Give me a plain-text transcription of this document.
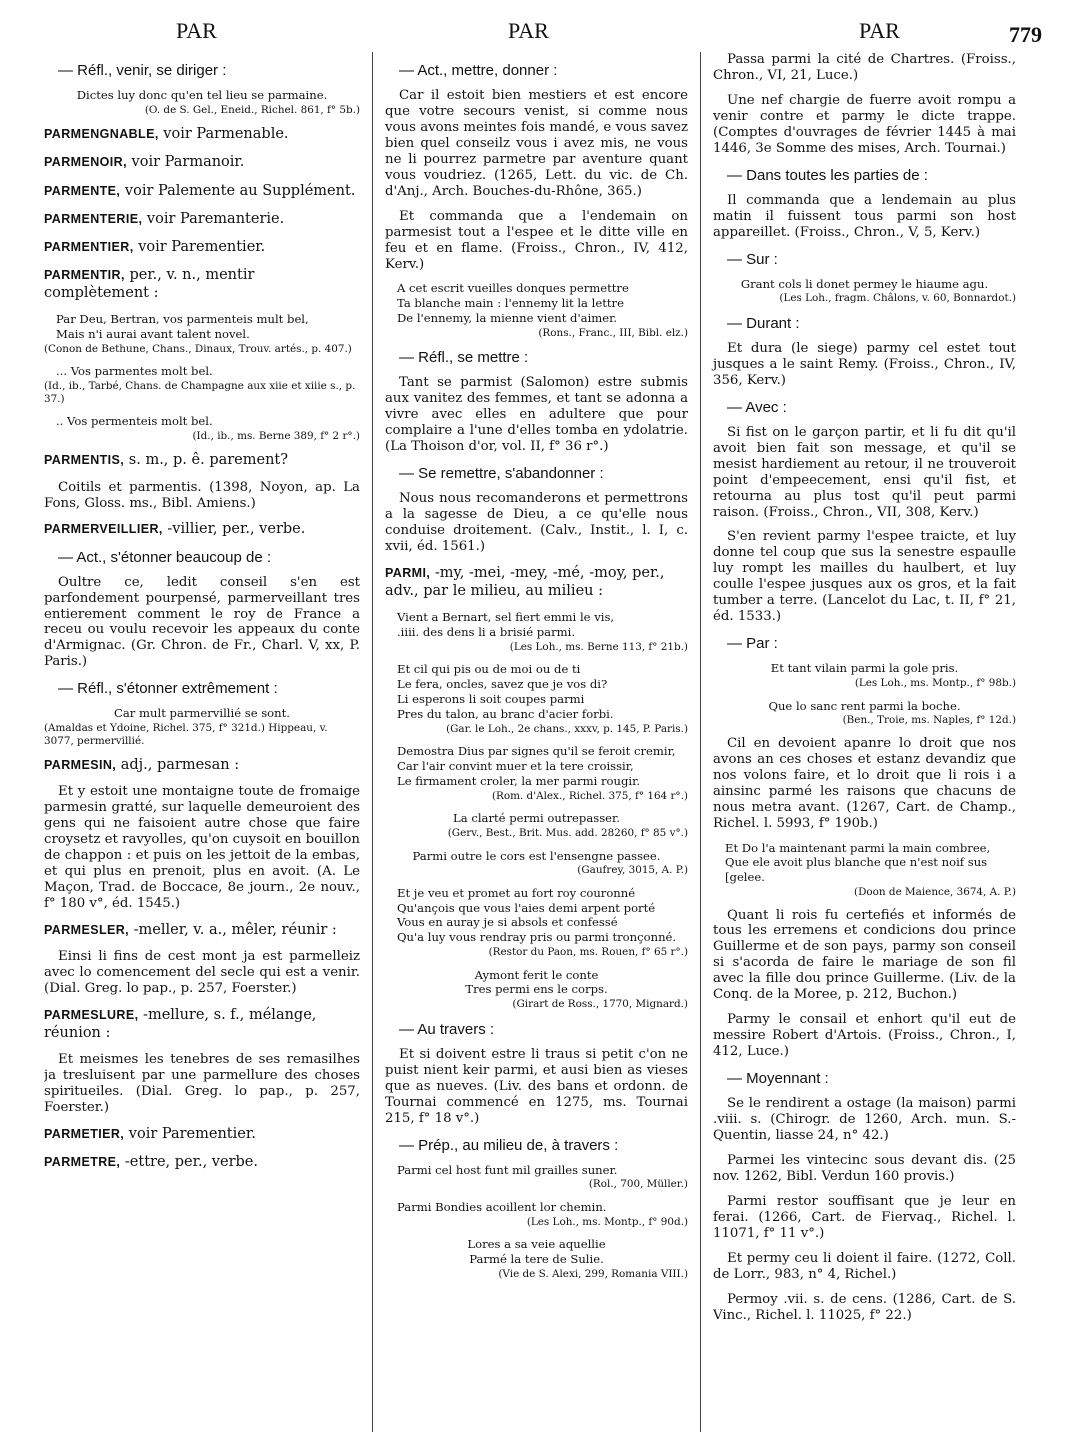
PAR	PAR	PAR	779
— Réfl., venir, se diriger :
Dictes luy donc qu'en tel lieu se parmaine.
(O. de S. Gel., Eneid., Richel. 861, f° 5b.)
PARMENGNABLE, voir Parmenable.
PARMENOIR, voir Parmanoir.
PARMENTE, voir Palemente au Supplément.
PARMENTERIE, voir Paremanterie.
PARMENTIER, voir Parementier.
PARMENTIR, per., v. n., mentir complètement :
Par Deu, Bertran, vos parmenteis mult bel,
Mais n'i aurai avant talent novel.
(Conon de Bethune, Chans., Dinaux, Trouv. artés., p. 407.)
... Vos parmentes molt bel.
(Id., ib., Tarbé, Chans. de Champagne aux xiie et xiiie s., p. 37.)
.. Vos permenteis molt bel.
(Id., ib., ms. Berne 389, f° 2 r°.)
PARMENTIS, s. m., p. ê. parement?
Coitils et parmentis. (1398, Noyon, ap. La Fons, Gloss. ms., Bibl. Amiens.)
PARMERVEILLIER, -villier, per., verbe.
— Act., s'étonner beaucoup de :
Oultre ce, ledit conseil s'en est parfondement pourpensé, parmerveillant tres entierement comment le roy de France a receu ou voulu recevoir les appeaux du conte d'Armignac. (Gr. Chron. de Fr., Charl. V, xx, P. Paris.)
— Réfl., s'étonner extrêmement :
Car mult parmervillié se sont.
(Amaldas et Ydoine, Richel. 375, f° 321d.) Hippeau, v. 3077, permervillié.
PARMESIN, adj., parmesan :
Et y estoit une montaigne toute de fromaige parmesin gratté, sur laquelle demeuroient des gens qui ne faisoient autre chose que faire croysetz et ravyolles, qu'on cuysoit en bouillon de chappon : et puis on les jettoit de la embas, et qui plus en prenoit, plus en avoit. (A. Le Maçon, Trad. de Boccace, 8e journ., 2e nouv., f° 180 v°, éd. 1545.)
PARMESLER, -meller, v. a., mêler, réunir :
Einsi li fins de cest mont ja est parmelleiz avec lo comencement del secle qui est a venir. (Dial. Greg. lo pap., p. 257, Foerster.)
PARMESLURE, -mellure, s. f., mélange, réunion :
Et meismes les tenebres de ses remasilhes ja tresluisent par une parmellure des choses spiritueiles. (Dial. Greg. lo pap., p. 257, Foerster.)
PARMETIER, voir Parementier.
PARMETRE, -ettre, per., verbe.
— Act., mettre, donner :
Car il estoit bien mestiers et est encore que votre secours venist, si comme nous vous avons meintes fois mandé, e vous savez bien quel conseilz vous i avez mis, ne vous ne li pourrez parmetre par aventure quant vous voudriez. (1265, Lett. du vic. de Ch. d'Anj., Arch. Bouches-du-Rhône, 365.)
Et commanda que a l'endemain on parmesist tout a l'espee et le ditte ville en feu et en flame. (Froiss., Chron., IV, 412, Kerv.)
A cet escrit vueilles donques permettre
Ta blanche main : l'ennemy lit la lettre
De l'ennemy, la mienne vient d'aimer.
(Rons., Franc., III, Bibl. elz.)
— Réfl., se mettre :
Tant se parmist (Salomon) estre submis aux vanitez des femmes, et tant se adonna a vivre avec elles en adultere que pour complaire a l'une d'elles tomba en ydolatrie. (La Thoison d'or, vol. II, f° 36 r°.)
— Se remettre, s'abandonner :
Nous nous recomanderons et permettrons a la sagesse de Dieu, a ce qu'elle nous conduise droitement. (Calv., Instit., l. I, c. xvii, éd. 1561.)
PARMI, -my, -mei, -mey, -mé, -moy, per., adv., par le milieu, au milieu :
Vient a Bernart, sel fiert emmi le vis,
.iiii. des dens li a brisié parmi.
(Les Loh., ms. Berne 113, f° 21b.)
Et cil qui pis ou de moi ou de ti
Le fera, oncles, savez que je vos di?
Li esperons li soit coupes parmi
Pres du talon, au branc d'acier forbi.
(Gar. le Loh., 2e chans., xxxv, p. 145, P. Paris.)
Demostra Dius par signes qu'il se feroit cremir,
Car l'air convint muer et la tere croissir,
Le firmament croler, la mer parmi rougir.
(Rom. d'Alex., Richel. 375, f° 164 r°.)
La clarté permi outrepasser.
(Gerv., Best., Brit. Mus. add. 28260, f° 85 v°.)
Parmi outre le cors est l'ensengne passee.
(Gaufrey, 3015, A. P.)
Et je veu et promet au fort roy couronné
Qu'ançois que vous l'aies demi arpent porté
Vous en auray je si absols et confessé
Qu'a luy vous rendray pris ou parmi tronçonné.
(Restor du Paon, ms. Rouen, f° 65 r°.)
Aymont ferit le conte
Tres permi ens le corps.
(Girart de Ross., 1770, Mignard.)
— Au travers :
Et si doivent estre li traus si petit c'on ne puist nient keir parmi, et ausi bien as vieses que as nueves. (Liv. des bans et ordonn. de Tournai commencé en 1275, ms. Tournai 215, f° 18 v°.)
— Prép., au milieu de, à travers :
Parmi cel host funt mil grailles suner.
(Rol., 700, Müller.)
Parmi Bondies acoillent lor chemin.
(Les Loh., ms. Montp., f° 90d.)
Lores a sa veie aquellie
Parmé la tere de Sulie.
(Vie de S. Alexi, 299, Romania VIII.)
Passa parmi la cité de Chartres. (Froiss., Chron., VI, 21, Luce.)
Une nef chargie de fuerre avoit rompu a venir contre et parmy le dicte trappe. (Comptes d'ouvrages de février 1445 à mai 1446, 3e Somme des mises, Arch. Tournai.)
— Dans toutes les parties de :
Il commanda que a lendemain au plus matin il fuissent tous parmi son host appareillet. (Froiss., Chron., V, 5, Kerv.)
— Sur :
Grant cols li donet permey le hiaume agu.
(Les Loh., fragm. Châlons, v. 60, Bonnardot.)
— Durant :
Et dura (le siege) parmy cel estet tout jusques a le saint Remy. (Froiss., Chron., IV, 356, Kerv.)
— Avec :
Si fist on le garçon partir, et li fu dit qu'il avoit bien fait son message, et qu'il se mesist hardiement au retour, il ne trouveroit point d'empeecement, ensi qu'il fist, et retourna au plus tost qu'il peut parmi raison. (Froiss., Chron., VII, 308, Kerv.)
S'en revient parmy l'espee traicte, et luy donne tel coup que sus la senestre espaulle luy rompt les mailles du haulbert, et luy coulle l'espee jusques aux os gros, et la fait tumber a terre. (Lancelot du Lac, t. II, f° 21, éd. 1533.)
— Par :
Et tant vilain parmi la gole pris.
(Les Loh., ms. Montp., f° 98b.)
Que lo sanc rent parmi la boche.
(Ben., Troie, ms. Naples, f° 12d.)
Cil en devoient apanre lo droit que nos avons an ces choses et estanz devandiz que nos volons faire, et lo droit que li rois i a ainsinc parmé les raisons que chacuns de nous metra avant. (1267, Cart. de Champ., Richel. l. 5993, f° 190b.)
Et Do l'a maintenant parmi la main combree,
Que ele avoit plus blanche que n'est noif sus
[gelee.
(Doon de Maience, 3674, A. P.)
Quant li rois fu certefiés et informés de tous les erremens et condicions dou prince Guillerme et de son pays, parmy son conseil si s'acorda de faire le mariage de son fil avec la fille dou prince Guillerme. (Liv. de la Conq. de la Moree, p. 212, Buchon.)
Parmy le consail et enhort qu'il eut de messire Robert d'Artois. (Froiss., Chron., I, 412, Luce.)
— Moyennant :
Se le rendirent a ostage (la maison) parmi .viii. s. (Chirogr. de 1260, Arch. mun. S.-Quentin, liasse 24, n° 42.)
Parmei les vintecinc sous devant dis. (25 nov. 1262, Bibl. Verdun 160 provis.)
Parmi restor souffisant que je leur en ferai. (1266, Cart. de Fiervaq., Richel. l. 11071, f° 11 v°.)
Et permy ceu li doient il faire. (1272, Coll. de Lorr., 983, n° 4, Richel.)
Permoy .vii. s. de cens. (1286, Cart. de S. Vinc., Richel. l. 11025, f° 22.)
